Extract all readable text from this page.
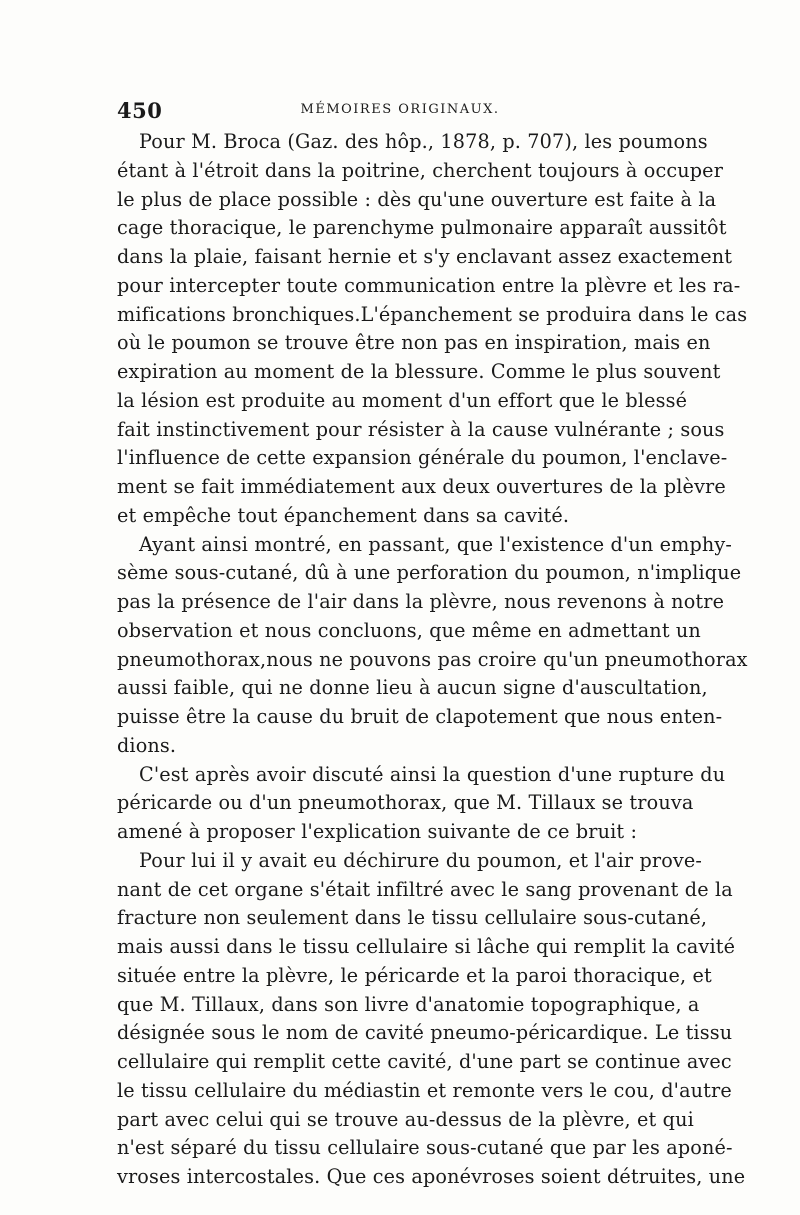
450	MÉMOIRES ORIGINAUX.
Pour M. Broca (Gaz. des hôp., 1878, p. 707), les poumons
étant à l'étroit dans la poitrine, cherchent toujours à occuper
le plus de place possible : dès qu'une ouverture est faite à la
cage thoracique, le parenchyme pulmonaire apparaît aussitôt
dans la plaie, faisant hernie et s'y enclavant assez exactement
pour intercepter toute communication entre la plèvre et les ra-
mifications bronchiques.L'épanchement se produira dans le cas
où le poumon se trouve être non pas en inspiration, mais en
expiration au moment de la blessure. Comme le plus souvent
la lésion est produite au moment d'un effort que le blessé
fait instinctivement pour résister à la cause vulnérante ; sous
l'influence de cette expansion générale du poumon, l'enclave-
ment se fait immédiatement aux deux ouvertures de la plèvre
et empêche tout épanchement dans sa cavité.
Ayant ainsi montré, en passant, que l'existence d'un emphy-
sème sous-cutané, dû à une perforation du poumon, n'implique
pas la présence de l'air dans la plèvre, nous revenons à notre
observation et nous concluons, que même en admettant un
pneumothorax,nous ne pouvons pas croire qu'un pneumothorax
aussi faible, qui ne donne lieu à aucun signe d'auscultation,
puisse être la cause du bruit de clapotement que nous enten-
dions.
C'est après avoir discuté ainsi la question d'une rupture du
péricarde ou d'un pneumothorax, que M. Tillaux se trouva
amené à proposer l'explication suivante de ce bruit :
Pour lui il y avait eu déchirure du poumon, et l'air prove-
nant de cet organe s'était infiltré avec le sang provenant de la
fracture non seulement dans le tissu cellulaire sous-cutané,
mais aussi dans le tissu cellulaire si lâche qui remplit la cavité
située entre la plèvre, le péricarde et la paroi thoracique, et
que M. Tillaux, dans son livre d'anatomie topographique, a
désignée sous le nom de cavité pneumo-péricardique. Le tissu
cellulaire qui remplit cette cavité, d'une part se continue avec
le tissu cellulaire du médiastin et remonte vers le cou, d'autre
part avec celui qui se trouve au-dessus de la plèvre, et qui
n'est séparé du tissu cellulaire sous-cutané que par les aponé-
vroses intercostales. Que ces aponévroses soient détruites, une
